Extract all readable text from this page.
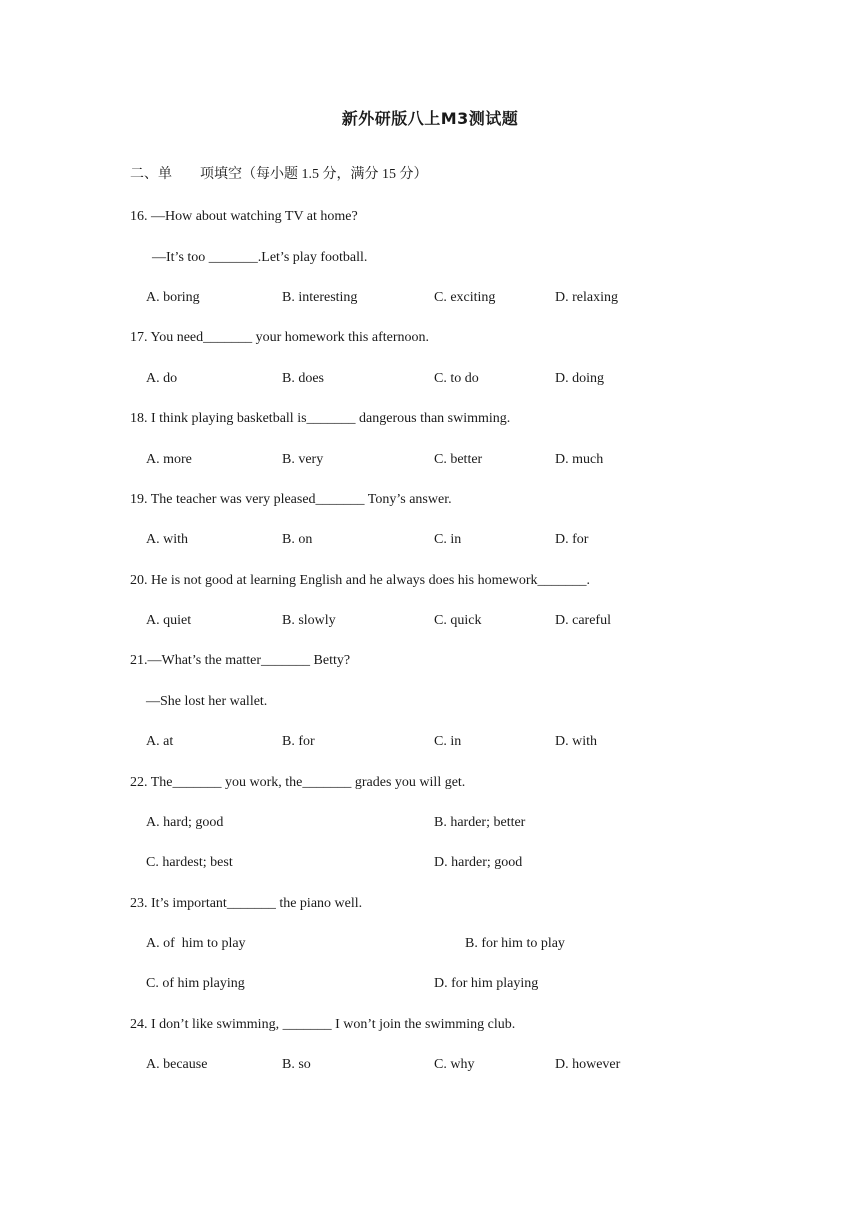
新外研版八上M3测试题
二、单　　项填空（每小题 1.5 分，满分 15 分）
16. —How about watching TV at home?
—It’s too _______.Let’s play football.
A. boring	B. interesting	C. exciting	D. relaxing
17. You need_______ your homework this afternoon.
A. do	B. does	C. to do	D. doing
18. I think playing basketball is_______ dangerous than swimming.
A. more	B. very	C. better	D. much
19. The teacher was very pleased_______ Tony’s answer.
A. with	B. on	C. in	D. for
20. He is not good at learning English and he always does his homework_______.
A. quiet	B. slowly	C. quick	D. careful
21.—What’s the matter_______ Betty?
—She lost her wallet.
A. at	B. for	C. in	D. with
22. The_______ you work, the_______ grades you will get.
A. hard; good	B. harder; better
C. hardest; best	D. harder; good
23. It’s important_______ the piano well.
A. of  him to play	B. for him to play
C. of him playing	D. for him playing
24. I don’t like swimming, _______ I won’t join the swimming club.
A. because	B. so	C. why	D. however
